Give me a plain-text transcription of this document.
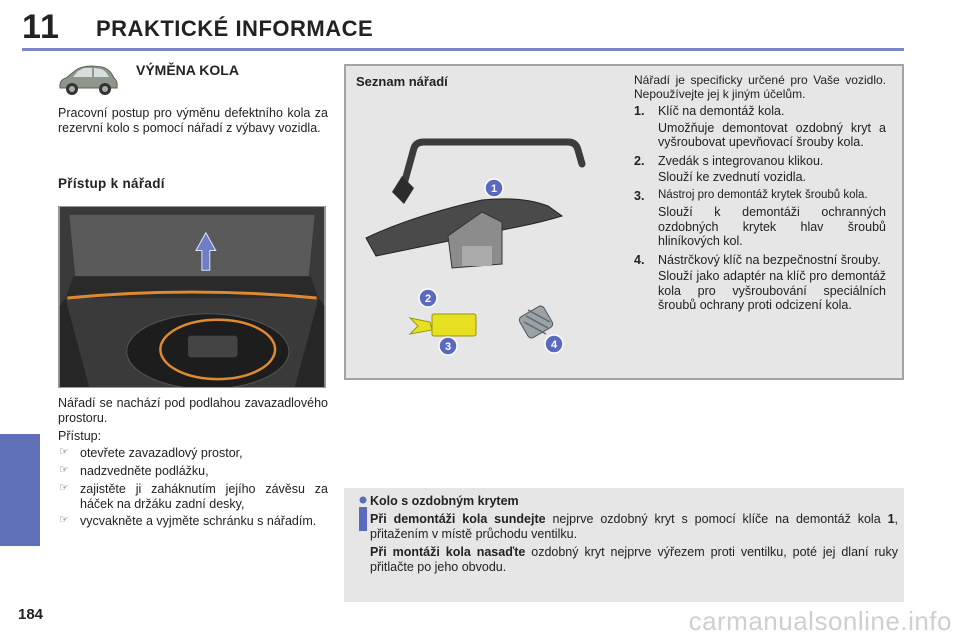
11 PRAKTICKÉ INFORMACE
184
VÝMĚNA KOLA
Pracovní postup pro výměnu defektního kola za rezervní kolo s pomocí nářadí z výbavy vozidla.
Přístup k nářadí

Nářadí se nachází pod podlahou zavazadlového prostoru.

Přístup:

☞ otevřete zavazadlový prostor,
☞ nadzvedněte podlážku,
☞ zajistěte ji zaháknutím jejího závěsu za háček na držáku zadní desky,
☞ vycvakněte a vyjměte schránku s nářadím.
Seznam nářadí
1
2
3	4
Nářadí je specificky určené pro Vaše vozidlo. Nepoužívejte jej k jiným účelům.
1.	Klíč na demontáž kola.
Umožňuje demontovat ozdobný kryt a vyšroubovat upevňovací šrouby kola.
2.	Zvedák s integrovanou klikou.
Slouží ke zvednutí vozidla.
3.	Nástroj pro demontáž krytek šroubů kola.
Slouží k demontáži ochranných ozdobných krytek hlav šroubů hliníkových kol.
4.	Nástrčkový klíč na bezpečnostní šrouby.
Slouží jako adaptér na klíč pro demontáž kola pro vyšroubování speciálních šroubů ochrany proti odcizení kola.
Kolo s ozdobným krytem

Při demontáži kola sundejte nejprve ozdobný kryt s pomocí klíče na demontáž kola 1, přitažením v místě průchodu ventilku.

Při montáži kola nasaďte ozdobný kryt nejprve výřezem proti ventilku, poté jej dlaní ruky přitlačte po jeho obvodu.

carmanualsonline.info
